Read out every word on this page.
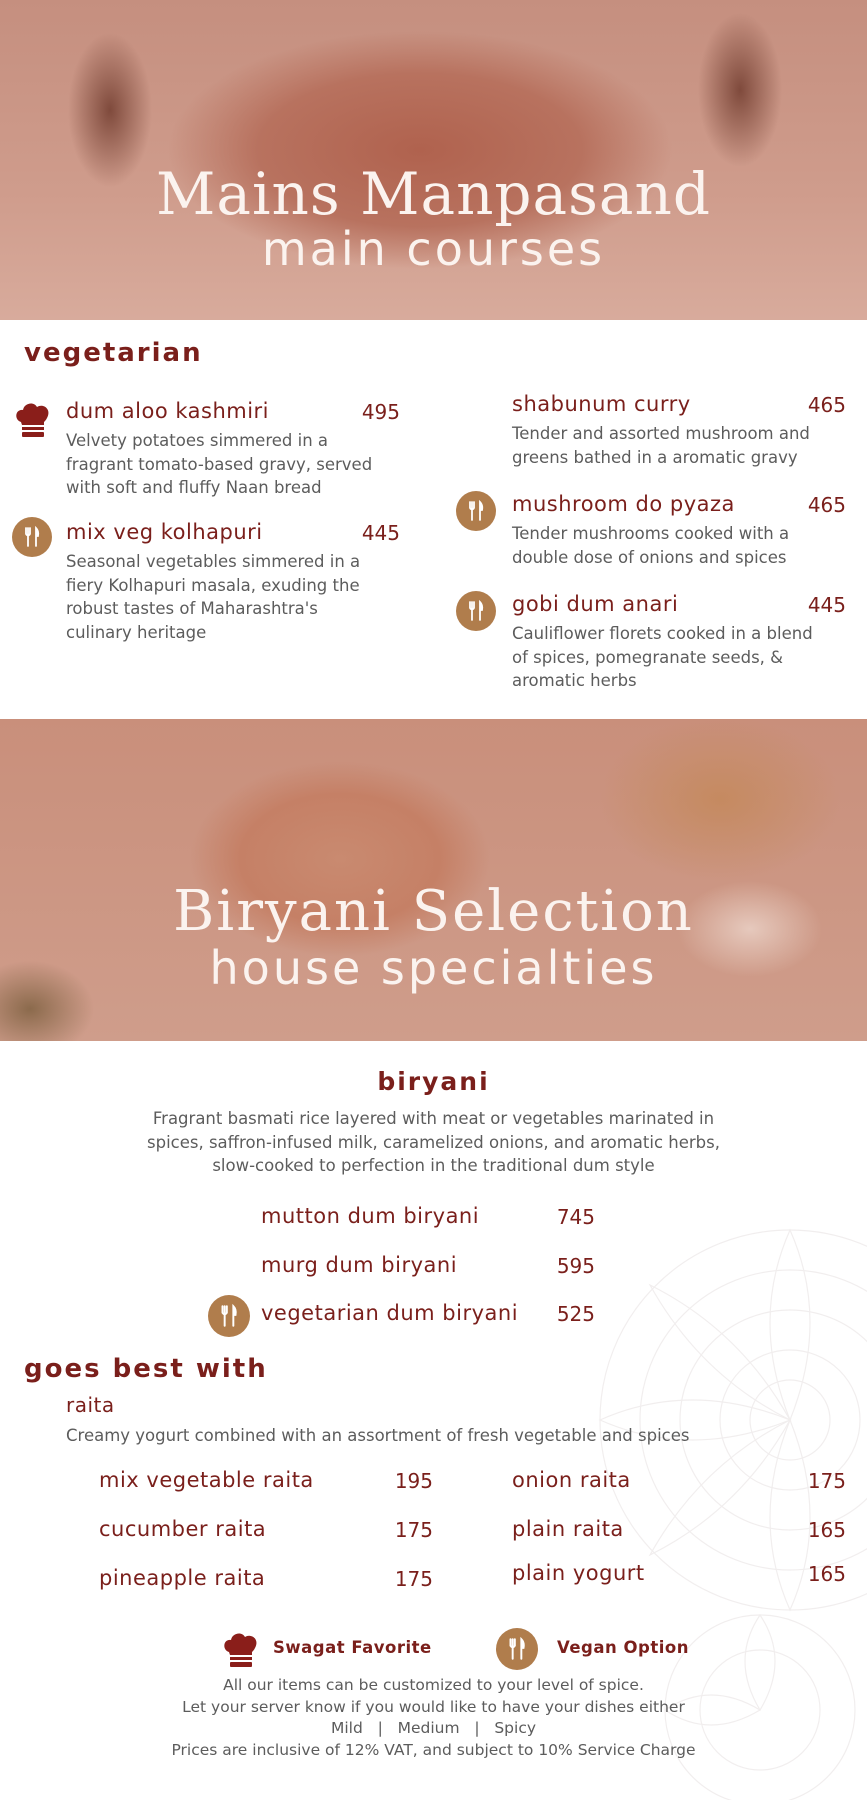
Mains Manpasand
main courses
vegetarian
dum aloo kashmiri	495
Velvety potatoes simmered in a
fragrant tomato-based gravy, served
with soft and fluffy Naan bread
mix veg kolhapuri	445
Seasonal vegetables simmered in a
fiery Kolhapuri masala, exuding the
robust tastes of Maharashtra's
culinary heritage
shabunum curry	465
Tender and assorted mushroom and
greens bathed in a aromatic gravy
mushroom do pyaza	465
Tender mushrooms cooked with a
double dose of onions and spices
gobi dum anari	445
Cauliflower florets cooked in a blend
of spices, pomegranate seeds, &
aromatic herbs
Biryani Selection
house specialties
biryani
Fragrant basmati rice layered with meat or vegetables marinated in
spices, saffron-infused milk, caramelized onions, and aromatic herbs,
slow-cooked to perfection in the traditional dum style
mutton dum biryani	745
murg dum biryani	595
vegetarian dum biryani	525
goes best with
raita
Creamy yogurt combined with an assortment of fresh vegetable and spices
mix vegetable raita	195
cucumber raita	175
pineapple raita	175
onion raita	175
plain raita	165
plain yogurt	165
Swagat Favorite	Vegan Option
All our items can be customized to your level of spice.
Let your server know if you would like to have your dishes either
Mild   |   Medium   |   Spicy
Prices are inclusive of 12% VAT, and subject to 10% Service Charge
